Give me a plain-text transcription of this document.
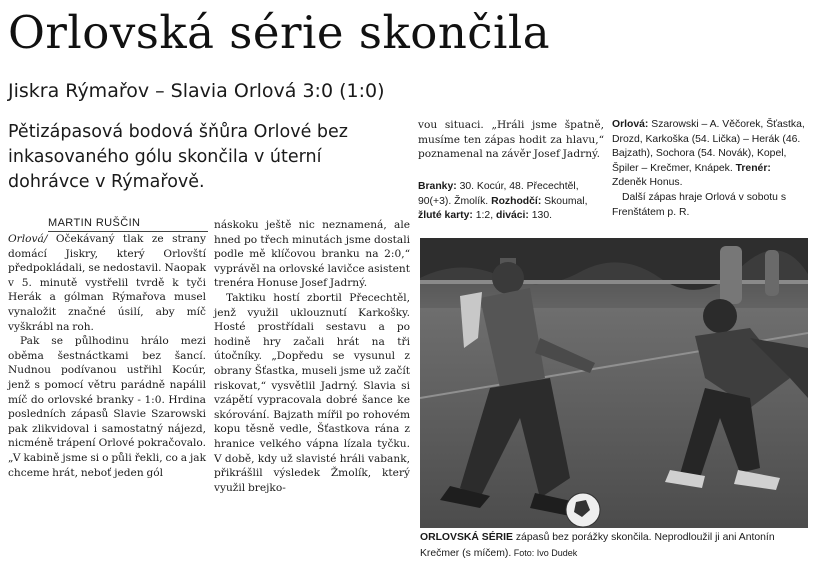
Orlovská série skončila
Jiskra Rýmařov – Slavia Orlová 3:0 (1:0)
Pětizápasová bodová šňůra Orlové bez inkasovaného gólu skončila v úterní dohrávce v Rýmařově.
MARTIN RUŠČIN

Orlová/ Očekávaný tlak ze strany domácí Jiskry, který Orlovští předpokládali, se nedostavil. Naopak v 5. minutě vystřelil tvrdě k tyči Herák a gólman Rýmařova musel vynaložit značné úsilí, aby míč vyškrábl na roh.

Pak se půlhodinu hrálo mezi oběma šestnáctkami bez šancí. Nudnou podívanou ustřihl Kocúr, jenž s pomocí větru parádně napálil míč do orlovské branky - 1:0. Hrdina posledních zápasů Slavie Szarowski pak zlikvidoval i samostatný nájezd, nicméně trápení Orlové pokračovalo. „V kabině jsme si o půli řekli, co a jak chceme hrát, neboť jeden gól

náskoku ještě nic neznamená, ale hned po třech minutách jsme dostali podle mě klíčovou branku na 2:0,“ vyprávěl na orlovské lavičce asistent trenéra Honuse Josef Jadrný.

Taktiku hostí zbortil Přecechtěl, jenž využil uklouznutí Karkošky. Hosté prostřídali sestavu a po hodině hry začali hrát na tři útočníky. „Dopředu se vysunul z obrany Šťastka, museli jsme už začít riskovat,“ vysvětlil Jadrný. Slavia si vzápětí vypracovala dobré šance ke skórování. Bajzath mířil po rohovém kopu těsně vedle, Šťastkova rána z hranice velkého vápna lízala tyčku. V době, kdy už slavisté hráli vabank, přikrášlil výsledek Žmolík, který využil brejko-

vou situaci. „Hráli jsme špatně, musíme ten zápas hodit za hlavu,“ poznamenal na závěr Josef Jadrný.

Branky: 30. Kocúr, 48. Přecechtěl, 90(+3). Žmolík. Rozhodčí: Skoumal, žluté karty: 1:2, diváci: 130.

Orlová: Szarowski – A. Věčorek, Šťastka, Drozd, Karkoška (54. Lička) – Herák (46. Bajzath), Sochora (54. Novák), Kopel, Špiler – Krečmer, Knápek. Trenér: Zdeněk Honus.

Další zápas hraje Orlová v sobotu s Frenštátem p. R.

ORLOVSKÁ SÉRIE zápasů bez porážky skončila. Neprodloužil ji ani Antonín Krečmer (s míčem). Foto: Ivo Dudek
